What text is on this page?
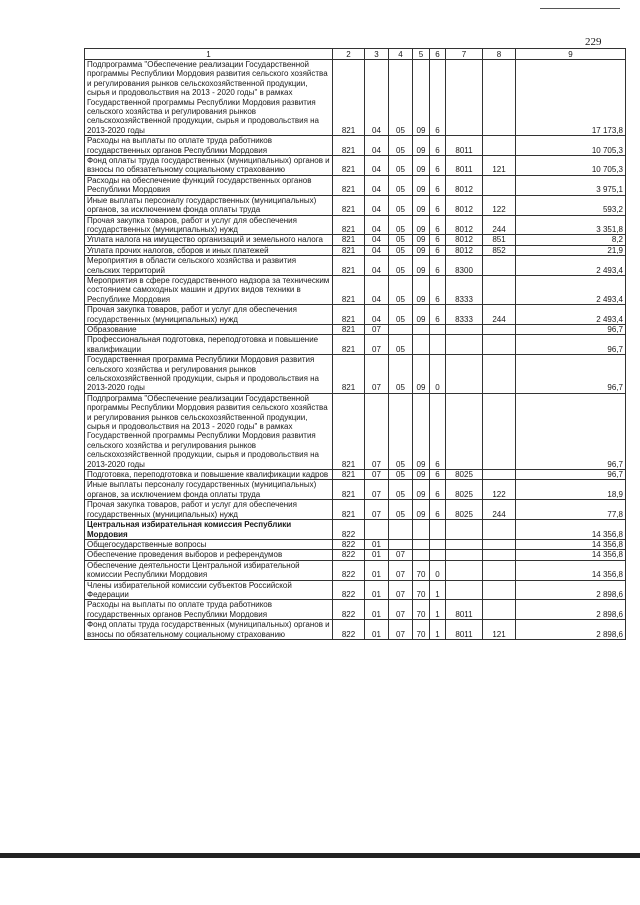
229
1	2	3	4	5	6	7	8	9
Подпрограмма "Обеспечение реализации Государственной программы Республики Мордовия развития сельского хозяйства и регулирования рынков сельскохозяйственной продукции, сырья и продовольствия на 2013 - 2020 годы" в рамках Государственной программы Республики Мордовия развития сельского хозяйства и регулирования рынков сельскохозяйственной продукции, сырья и продовольствия на 2013-2020 годы	821	04	05	09	6			17 173,8
Расходы на выплаты по оплате труда работников государственных органов Республики Мордовия	821	04	05	09	6	8011		10 705,3
Фонд оплаты труда государственных (муниципальных) органов и взносы по обязательному социальному страхованию	821	04	05	09	6	8011	121	10 705,3
Расходы на обеспечение функций государственных органов Республики Мордовия	821	04	05	09	6	8012		3 975,1
Иные выплаты персоналу государственных (муниципальных) органов, за исключением фонда оплаты труда	821	04	05	09	6	8012	122	593,2
Прочая закупка товаров, работ и услуг для обеспечения государственных (муниципальных) нужд	821	04	05	09	6	8012	244	3 351,8
Уплата налога на имущество организаций и земельного налога	821	04	05	09	6	8012	851	8,2
Уплата прочих налогов, сборов и иных платежей	821	04	05	09	6	8012	852	21,9
Мероприятия в области сельского хозяйства и развития сельских территорий	821	04	05	09	6	8300		2 493,4
Мероприятия в сфере государственного надзора за техническим состоянием самоходных машин и других видов техники в Республике Мордовия	821	04	05	09	6	8333		2 493,4
Прочая закупка товаров, работ и услуг для обеспечения государственных (муниципальных) нужд	821	04	05	09	6	8333	244	2 493,4
Образование	821	07						96,7
Профессиональная подготовка, переподготовка и повышение квалификации	821	07	05					96,7
Государственная программа Республики Мордовия развития сельского хозяйства и регулирования рынков сельскохозяйственной продукции, сырья и продовольствия на 2013-2020 годы	821	07	05	09	0			96,7
Подпрограмма "Обеспечение реализации Государственной программы Республики Мордовия развития сельского хозяйства и регулирования рынков сельскохозяйственной продукции, сырья и продовольствия на 2013 - 2020 годы" в рамках Государственной программы Республики Мордовия развития сельского хозяйства и регулирования рынков сельскохозяйственной продукции, сырья и продовольствия на 2013-2020 годы	821	07	05	09	6			96,7
Подготовка, переподготовка и повышение квалификации кадров	821	07	05	09	6	8025		96,7
Иные выплаты персоналу государственных (муниципальных) органов, за исключением фонда оплаты труда	821	07	05	09	6	8025	122	18,9
Прочая закупка товаров, работ и услуг для обеспечения государственных (муниципальных) нужд	821	07	05	09	6	8025	244	77,8
Центральная избирательная комиссия Республики Мордовия	822							14 356,8
Общегосударственные вопросы	822	01						14 356,8
Обеспечение проведения выборов и референдумов	822	01	07					14 356,8
Обеспечение деятельности Центральной избирательной комиссии Республики Мордовия	822	01	07	70	0			14 356,8
Члены избирательной комиссии субъектов Российской Федерации	822	01	07	70	1			2 898,6
Расходы на выплаты по оплате труда работников государственных органов Республики Мордовия	822	01	07	70	1	8011		2 898,6
Фонд оплаты труда государственных (муниципальных) органов и взносы по обязательному социальному страхованию	822	01	07	70	1	8011	121	2 898,6
